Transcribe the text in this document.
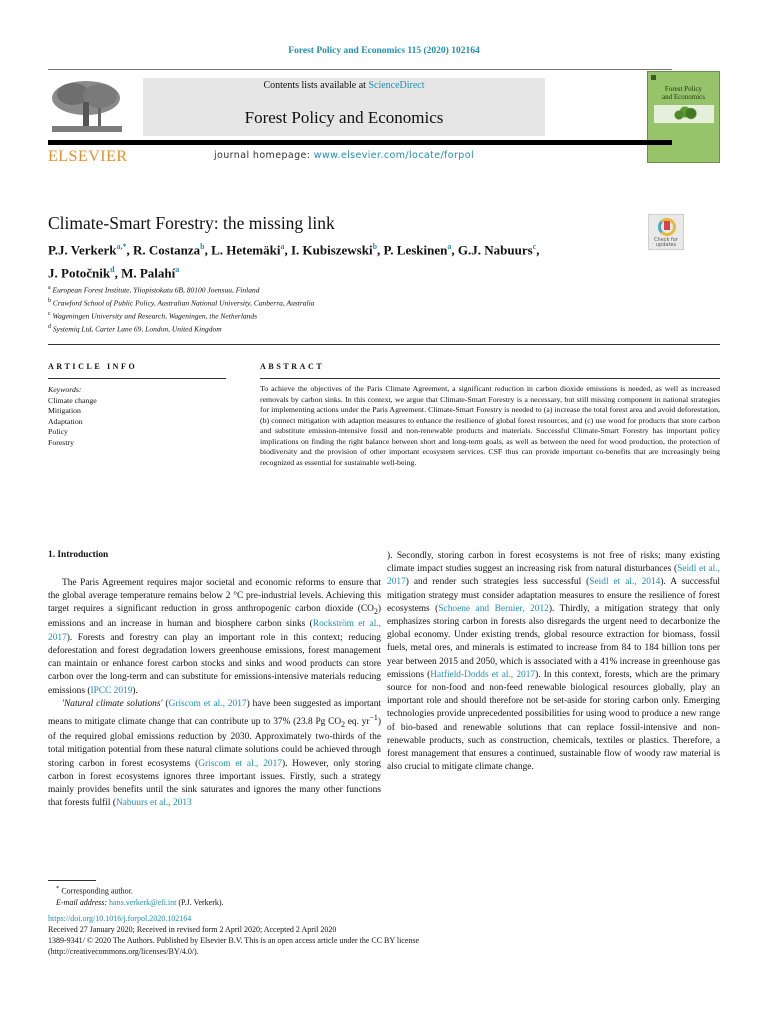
Forest Policy and Economics 115 (2020) 102164
ELSEVIER
Contents lists available at ScienceDirect
Forest Policy and Economics
journal homepage: www.elsevier.com/locate/forpol
Forest Policy
and Economics
Climate-Smart Forestry: the missing link
Check for
updates
P.J. Verkerk$^{a,*}$, R. Costanza$^b$, L. Hetemäki$^a$, I. Kubiszewski$^b$, P. Leskinen$^a$, G.J. Nabuurs$^c$,
J. Potočnik$^d$, M. Palahí$^a$
$^a$ European Forest Institute, Yliopistokatu 6B, 80100 Joensuu, Finland
$^b$ Crawford School of Public Policy, Australian National University, Canberra, Australia
$^c$ Wageningen University and Research, Wageningen, the Netherlands
$^d$ Systemiq Ltd, Carter Lane 69, London, United Kingdom
ARTICLE INFO	ABSTRACT
Keywords:
Climate change
Mitigation
Adaptation
Policy
Forestry
To achieve the objectives of the Paris Climate Agreement, a significant reduction in carbon dioxide emissions is needed, as well as increased removals by carbon sinks. In this context, we argue that Climate-Smart Forestry is a necessary, but still missing component in national strategies for implementing actions under the Paris Agreement. Climate-Smart Forestry is needed to (a) increase the total forest area and avoid deforestation, (b) connect mitigation with adaption measures to enhance the resilience of global forest resources, and (c) use wood for products that store carbon and substitute emission-intensive fossil and non-renewable products and materials. Successful Climate-Smart Forestry has important policy implications on finding the right balance between short and long-term goals, as well as between the need for wood production, the protection of biodiversity and the provision of other important ecosystem services. CSF thus can provide important co-benefits that are increasingly being recognized as essential for sustainable well-being.
1. Introduction

The Paris Agreement requires major societal and economic reforms to ensure that the global average temperature remains below 2 °C pre-industrial levels. Achieving this target requires a significant reduction in gross anthropogenic carbon dioxide $(CO_2)$ emissions and an increase in human and biosphere carbon sinks (Rockström et al., 2017). Forests and forestry can play an important role in this context; reducing deforestation and forest degradation lowers greenhouse emissions, forest management can maintain or enhance forest carbon stocks and sinks and wood products can store carbon over the long-term and can substitute for emissions-intensive materials reducing emissions (IPCC 2019).

'Natural climate solutions' (Griscom et al., 2017) have been suggested as important means to mitigate climate change that can contribute up to 37% (23.8 Pg $CO_2$ eq. $yr^{-1}$) of the required global emissions reduction by 2030. Approximately two-thirds of the total mitigation potential from these natural climate solutions could be achieved through storing carbon in forest ecosystems (Griscom et al., 2017). However, only storing carbon in forest ecosystems ignores three important issues. Firstly, such a strategy mainly provides benefits until the sink saturates and ignores the many other functions that forests fulfil (Nabuurs et al., 2013

). Secondly, storing carbon in forest ecosystems is not free of risks; many existing climate impact studies suggest an increasing risk from natural disturbances (Seidl et al., 2017) and render such strategies less successful (Seidl et al., 2014). A successful mitigation strategy must consider adaptation measures to ensure the resilience of forest ecosystems (Schoene and Bernier, 2012). Thirdly, a mitigation strategy that only emphasizes storing carbon in forests also disregards the urgent need to decarbonize the global economy. Under existing trends, global resource extraction for biomass, fossil fuels, metal ores, and minerals is estimated to increase from 84 to 184 billion tons per year between 2015 and 2050, which is associated with a 41% increase in greenhouse gas emissions (Hatfield-Dodds et al., 2017). In this context, forests, which are the primary source for non-food and non-feed renewable biological resources globally, play an important role and should therefore not be set-aside for storing carbon only. Emerging technologies provide unprecedented possibilities for using wood to produce a new range of bio-based and renewable solutions that can replace fossil-intensive and non-renewable products, such as construction, chemicals, textiles or plastics. Therefore, a forest management that ensures a continued, sustainable flow of woody raw material is also crucial to mitigate climate change.

* Corresponding author.
E-mail address: hans.verkerk@efi.int (P.J. Verkerk).
https://doi.org/10.1016/j.forpol.2020.102164
Received 27 January 2020; Received in revised form 2 April 2020; Accepted 2 April 2020
1389-9341/ © 2020 The Authors. Published by Elsevier B.V. This is an open access article under the CC BY license
(http://creativecommons.org/licenses/BY/4.0/).
